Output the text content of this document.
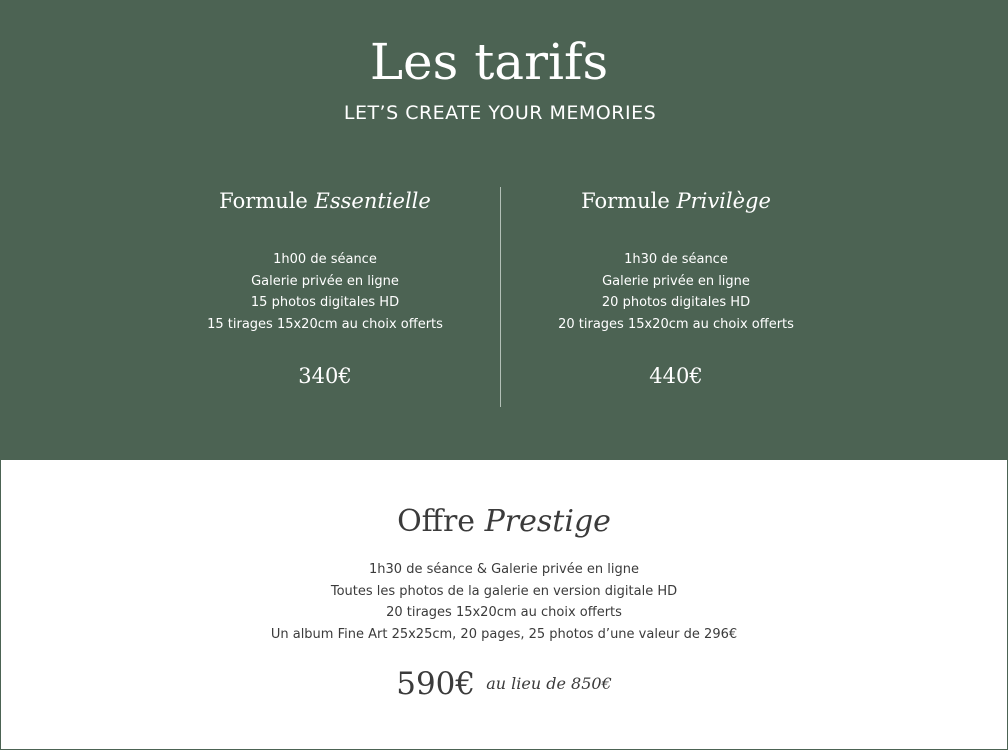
Les tarifs
LET’S CREATE YOUR MEMORIES
Formule Essentielle
1h00 de séance
Galerie privée en ligne
15 photos digitales HD
15 tirages 15x20cm au choix offerts
340€
Formule Privilège
1h30 de séance
Galerie privée en ligne
20 photos digitales HD
20 tirages 15x20cm au choix offerts
440€
Offre Prestige
1h30 de séance & Galerie privée en ligne
Toutes les photos de la galerie en version digitale HD
20 tirages 15x20cm au choix offerts
Un album Fine Art 25x25cm, 20 pages, 25 photos d’une valeur de 296€
590€ au lieu de 850€
